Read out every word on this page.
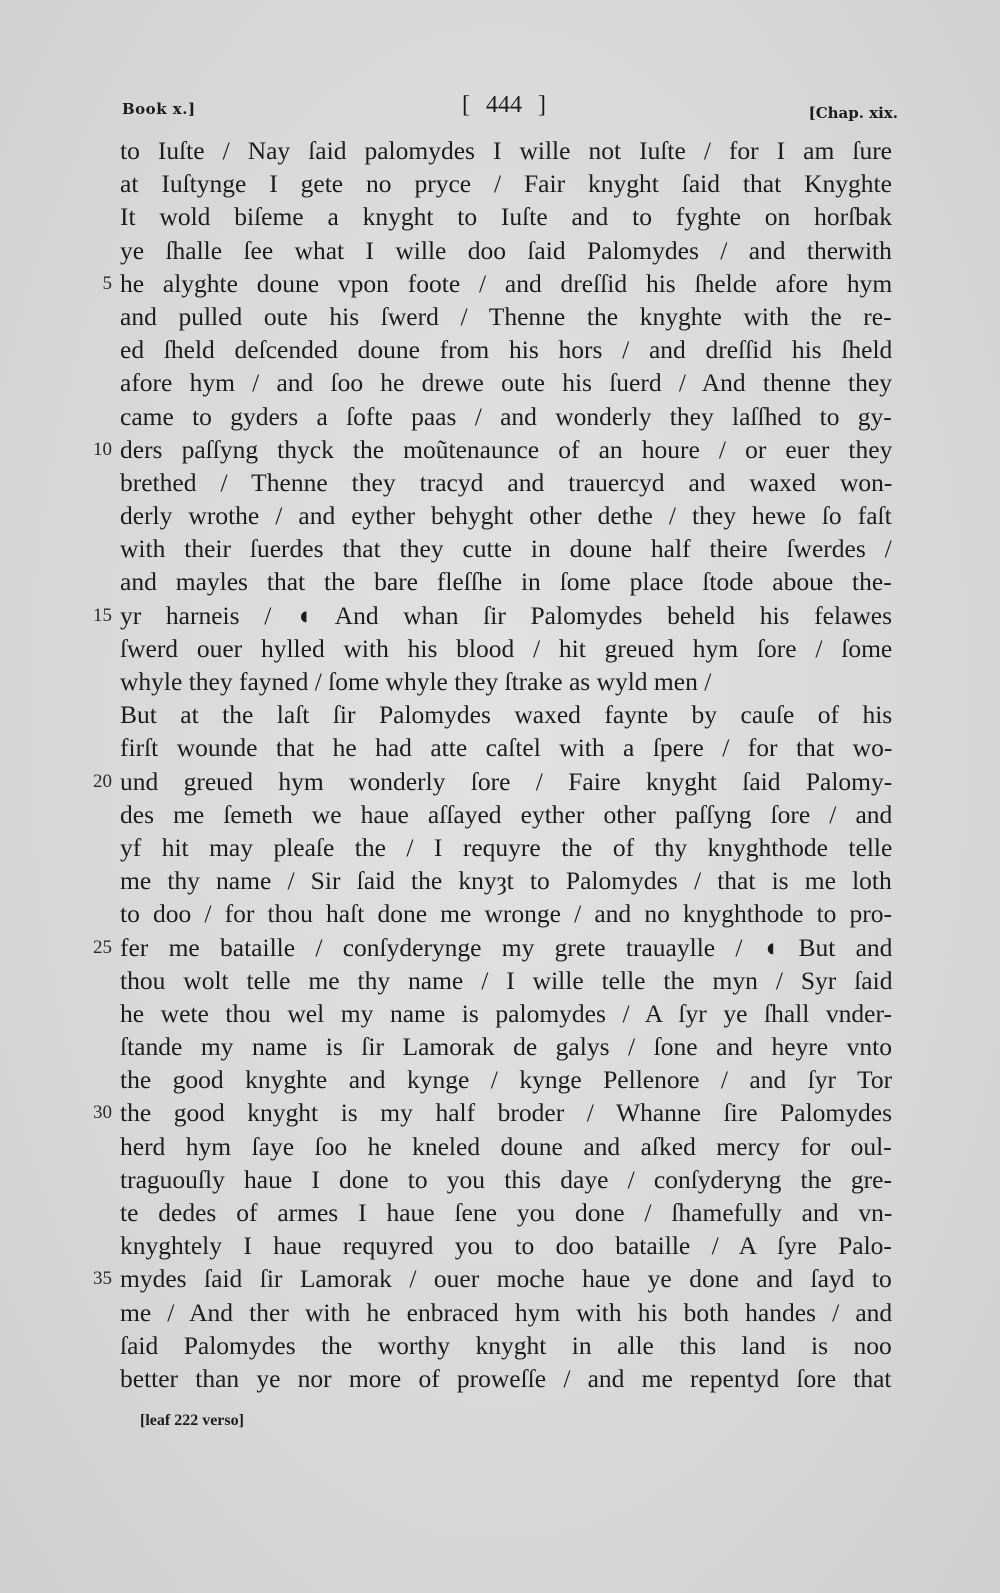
Book x.]	[ 444 ]	[Chap. xix.
to Iuſte / Nay ſaid palomydes I wille not Iuſte / for I am ſure
at Iuſtynge I gete no pryce / Fair knyght ſaid that Knyghte
It wold biſeme a knyght to Iuſte and to fyghte on horſbak
ye ſhalle ſee what I wille doo ſaid Palomydes / and therwith
5 he alyghte doune vpon foote / and dreſſid his ſhelde afore hym
and pulled oute his ſwerd / Thenne the knyghte with the re-
ed ſheld deſcended doune from his hors / and dreſſid his ſheld
afore hym / and ſoo he drewe oute his ſuerd / And thenne they
came to gyders a ſofte paas / and wonderly they laſſhed to gy-
10 ders paſſyng thyck the moũtenaunce of an houre / or euer they
brethed / Thenne they tracyd and trauercyd and waxed won-
derly wrothe / and eyther behyght other dethe / they hewe ſo faſt
with their ſuerdes that they cutte in doune half theire ſwerdes /
and mayles that the bare fleſſhe in ſome place ſtode aboue the-
15 yr harneis / ◖ And whan ſir Palomydes beheld his felawes
ſwerd ouer hylled with his blood / hit greued hym ſore / ſome
whyle they fayned / ſome whyle they ſtrake as wyld men /
But at the laſt ſir Palomydes waxed faynte by cauſe of his
firſt wounde that he had atte caſtel with a ſpere / for that wo-
20 und greued hym wonderly ſore / Faire knyght ſaid Palomy-
des me ſemeth we haue aſſayed eyther other paſſyng ſore / and
yf hit may pleaſe the / I requyre the of thy knyghthode telle
me thy name / Sir ſaid the knyȝt to Palomydes / that is me loth
to doo / for thou haſt done me wronge / and no knyghthode to pro-
25 fer me bataille / conſyderynge my grete trauaylle / ◖ But and
thou wolt telle me thy name / I wille telle the myn / Syr ſaid
he wete thou wel my name is palomydes / A ſyr ye ſhall vnder-
ſtande my name is ſir Lamorak de galys / ſone and heyre vnto
the good knyghte and kynge / kynge Pellenore / and ſyr Tor
30 the good knyght is my half broder / Whanne ſire Palomydes
herd hym ſaye ſoo he kneled doune and aſked mercy for oul-
traguouſly haue I done to you this daye / conſyderyng the gre-
te dedes of armes I haue ſene you done / ſhamefully and vn-
knyghtely I haue requyred you to doo bataille / A ſyre Palo-
35 mydes ſaid ſir Lamorak / ouer moche haue ye done and ſayd to
me / And ther with he enbraced hym with his both handes / and
ſaid Palomydes the worthy knyght in alle this land is noo
better than ye nor more of proweſſe / and me repentyd ſore that
[leaf 222 verso]
